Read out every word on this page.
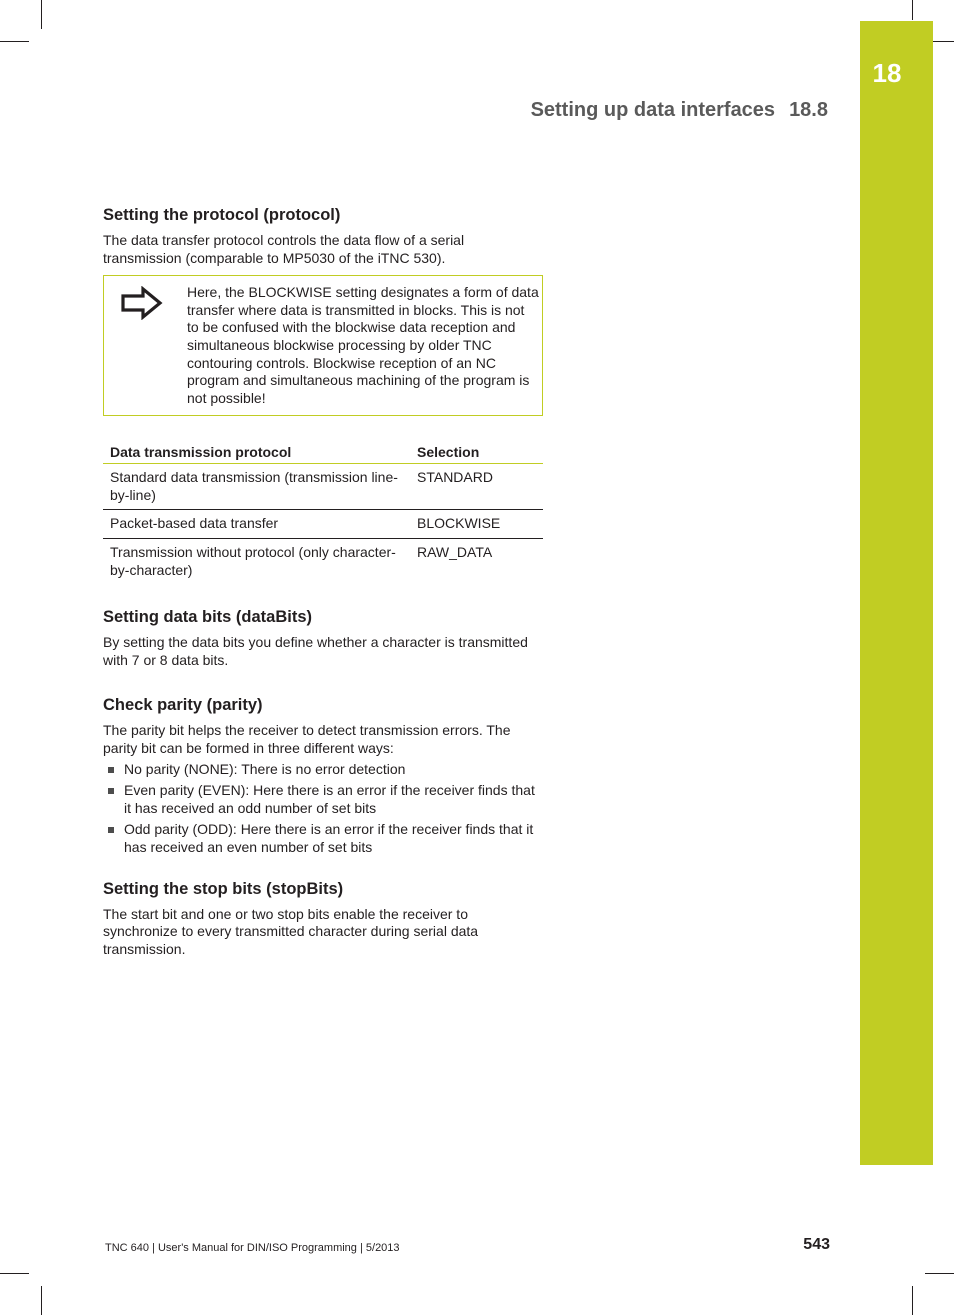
18
Setting up data interfaces 18.8
Setting the protocol (protocol)

The data transfer protocol controls the data flow of a serial transmission (comparable to MP5030 of the iTNC 530).

Here, the BLOCKWISE setting designates a form of data transfer where data is transmitted in blocks. This is not to be confused with the blockwise data reception and simultaneous blockwise processing by older TNC contouring controls. Blockwise reception of an NC program and simultaneous machining of the program is not possible!
Data transmission protocol	Selection
Standard data transmission (transmission line-by-line)	STANDARD
Packet-based data transfer	BLOCKWISE
Transmission without protocol (only character-by-character)	RAW_DATA
Setting data bits (dataBits)

By setting the data bits you define whether a character is transmitted with 7 or 8 data bits.

Check parity (parity)

The parity bit helps the receiver to detect transmission errors. The parity bit can be formed in three different ways:

No parity (NONE): There is no error detection
Even parity (EVEN): Here there is an error if the receiver finds that it has received an odd number of set bits
Odd parity (ODD): Here there is an error if the receiver finds that it has received an even number of set bits
Setting the stop bits (stopBits)

The start bit and one or two stop bits enable the receiver to synchronize to every transmitted character during serial data transmission.

TNC 640 | User's Manual for DIN/ISO Programming | 5/2013	543
